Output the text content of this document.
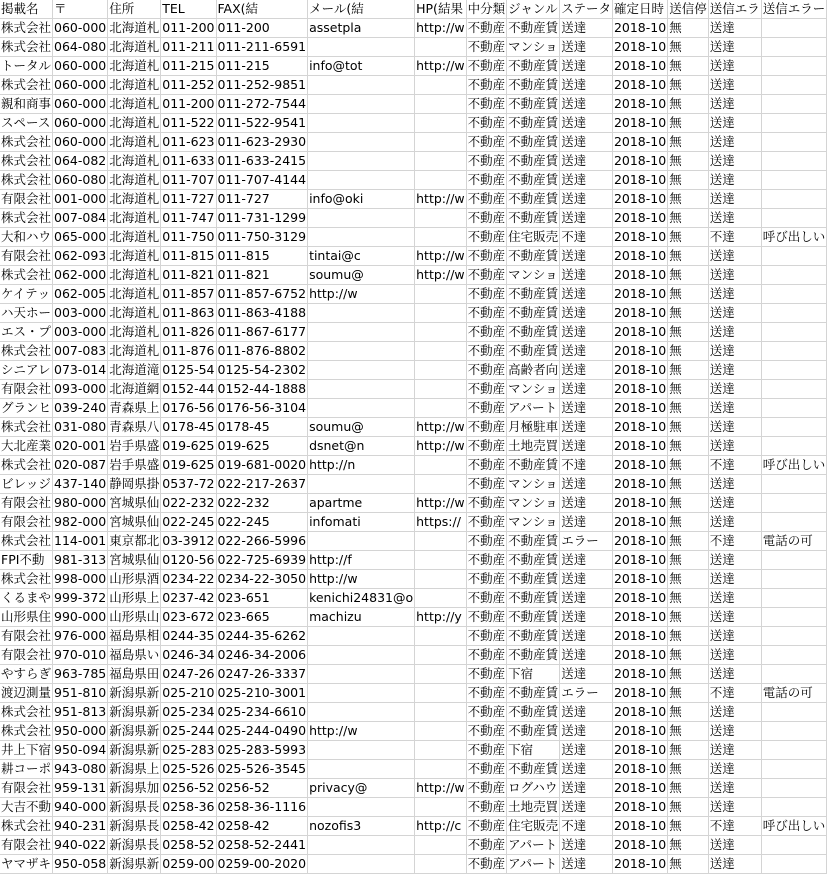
掲載名	〒	住所	TEL	FAX(結	メール(結	HP(結果	中分類	ジャンル	ステータ	確定日時	送信停	送信エラ	送信エラー
株式会社	060-000	北海道札	011-200	011-200	assetpla	http://w	不動産	不動産賃	送達	2018-10	無	送達	
株式会社	064-080	北海道札	011-211	011-211-6591			不動産	マンショ	送達	2018-10	無	送達	
トータル	060-000	北海道札	011-215	011-215	info@tot	http://w	不動産	不動産賃	送達	2018-10	無	送達	
株式会社	060-000	北海道札	011-252	011-252-9851			不動産	不動産賃	送達	2018-10	無	送達	
親和商事	060-000	北海道札	011-200	011-272-7544			不動産	不動産賃	送達	2018-10	無	送達	
スペース	060-000	北海道札	011-522	011-522-9541			不動産	不動産賃	送達	2018-10	無	送達	
株式会社	060-000	北海道札	011-623	011-623-2930			不動産	不動産賃	送達	2018-10	無	送達	
株式会社	064-082	北海道札	011-633	011-633-2415			不動産	不動産賃	送達	2018-10	無	送達	
株式会社	060-080	北海道札	011-707	011-707-4144			不動産	不動産賃	送達	2018-10	無	送達	
有限会社	001-000	北海道札	011-727	011-727	info@oki	http://w	不動産	不動産賃	送達	2018-10	無	送達	
株式会社	007-084	北海道札	011-747	011-731-1299			不動産	不動産賃	送達	2018-10	無	送達	
大和ハウ	065-000	北海道札	011-750	011-750-3129			不動産	住宅販売	不達	2018-10	無	不達	呼び出しい
有限会社	062-093	北海道札	011-815	011-815	tintai@c	http://w	不動産	不動産賃	送達	2018-10	無	送達	
株式会社	062-000	北海道札	011-821	011-821	soumu@	http://w	不動産	マンショ	送達	2018-10	無	送達	
ケイテッ	062-005	北海道札	011-857	011-857-6752	http://w		不動産	不動産賃	送達	2018-10	無	送達	
ハ天ホー	003-000	北海道札	011-863	011-863-4188			不動産	不動産賃	送達	2018-10	無	送達	
エス・プ	003-000	北海道札	011-826	011-867-6177			不動産	不動産賃	送達	2018-10	無	送達	
株式会社	007-083	北海道札	011-876	011-876-8802			不動産	不動産賃	送達	2018-10	無	送達	
シニアレ	073-014	北海道滝	0125-54	0125-54-2302			不動産	高齢者向	送達	2018-10	無	送達	
有限会社	093-000	北海道網	0152-44	0152-44-1888			不動産	マンショ	送達	2018-10	無	送達	
グランヒ	039-240	青森県上	0176-56	0176-56-3104			不動産	アパート	送達	2018-10	無	送達	
株式会社	031-080	青森県八	0178-45	0178-45	soumu@	http://w	不動産	月極駐車	送達	2018-10	無	送達	
大北産業	020-001	岩手県盛	019-625	019-625	dsnet@n	http://w	不動産	土地売買	送達	2018-10	無	送達	
株式会社	020-087	岩手県盛	019-625	019-681-0020	http://n		不動産	不動産賃	不達	2018-10	無	不達	呼び出しい
ビレッジ	437-140	静岡県掛	0537-72	022-217-2637			不動産	マンショ	送達	2018-10	無	送達	
有限会社	980-000	宮城県仙	022-232	022-232	apartme	http://w	不動産	マンショ	送達	2018-10	無	送達	
有限会社	982-000	宮城県仙	022-245	022-245	infomati	https://	不動産	マンショ	送達	2018-10	無	送達	
株式会社	114-001	東京都北	03-3912	022-266-5996			不動産	不動産賃	エラー	2018-10	無	不達	電話の可
FPI不動	981-313	宮城県仙	0120-56	022-725-6939	http://f		不動産	不動産賃	送達	2018-10	無	送達	
株式会社	998-000	山形県酒	0234-22	0234-22-3050	http://w		不動産	不動産賃	送達	2018-10	無	送達	
くるまや	999-372	山形県上	0237-42	023-651	kenichi24831@o		不動産	不動産賃	送達	2018-10	無	送達	
山形県住	990-000	山形県山	023-672	023-665	machizu	http://y	不動産	不動産賃	送達	2018-10	無	送達	
有限会社	976-000	福島県相	0244-35	0244-35-6262			不動産	不動産賃	送達	2018-10	無	送達	
有限会社	970-010	福島県い	0246-34	0246-34-2006			不動産	不動産賃	送達	2018-10	無	送達	
やすらぎ	963-785	福島県田	0247-26	0247-26-3337			不動産	下宿	送達	2018-10	無	送達	
渡辺測量	951-810	新潟県新	025-210	025-210-3001			不動産	不動産賃	エラー	2018-10	無	不達	電話の可
株式会社	951-813	新潟県新	025-234	025-234-6610			不動産	不動産賃	送達	2018-10	無	送達	
株式会社	950-000	新潟県新	025-244	025-244-0490	http://w		不動産	不動産賃	送達	2018-10	無	送達	
井上下宿	950-094	新潟県新	025-283	025-283-5993			不動産	下宿	送達	2018-10	無	送達	
耕コーポ	943-080	新潟県上	025-526	025-526-3545			不動産	不動産賃	送達	2018-10	無	送達	
有限会社	959-131	新潟県加	0256-52	0256-52	privacy@	http://w	不動産	ログハウ	送達	2018-10	無	送達	
大吉不動	940-000	新潟県長	0258-36	0258-36-1116			不動産	土地売買	送達	2018-10	無	送達	
株式会社	940-231	新潟県長	0258-42	0258-42	nozofis3	http://c	不動産	住宅販売	不達	2018-10	無	不達	呼び出しい
有限会社	940-022	新潟県長	0258-52	0258-52-2441			不動産	アパート	送達	2018-10	無	送達	
ヤマザキ	950-058	新潟県新	0259-00	0259-00-2020			不動産	アパート	送達	2018-10	無	送達	
